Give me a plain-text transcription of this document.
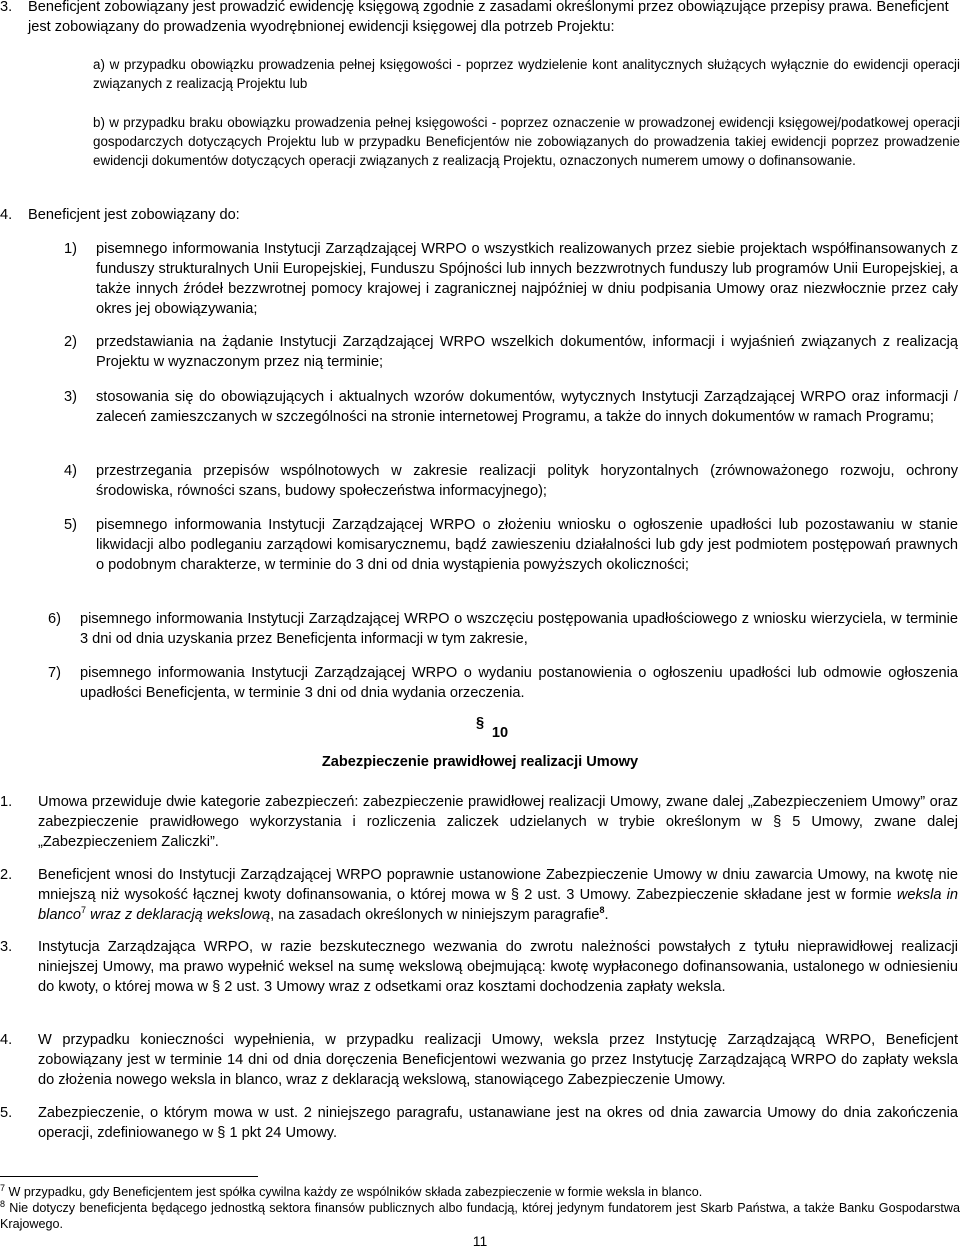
3. Beneficjent zobowiązany jest prowadzić ewidencję księgową zgodnie z zasadami określonymi przez obowiązujące przepisy prawa. Beneficjent jest zobowiązany do prowadzenia wyodrębnionej ewidencji księgowej dla potrzeb Projektu:
a) w przypadku obowiązku prowadzenia pełnej księgowości - poprzez wydzielenie kont analitycznych służących wyłącznie do ewidencji operacji związanych z realizacją Projektu lub
b) w przypadku braku obowiązku prowadzenia pełnej księgowości - poprzez oznaczenie w prowadzonej ewidencji księgowej/podatkowej operacji gospodarczych dotyczących Projektu lub w przypadku Beneficjentów nie zobowiązanych do prowadzenia takiej ewidencji poprzez prowadzenie ewidencji dokumentów dotyczących operacji związanych z realizacją Projektu, oznaczonych numerem umowy o dofinansowanie.
4. Beneficjent jest zobowiązany do:
1) pisemnego informowania Instytucji Zarządzającej WRPO o wszystkich realizowanych przez siebie projektach współfinansowanych z funduszy strukturalnych Unii Europejskiej, Funduszu Spójności lub innych bezzwrotnych funduszy lub programów Unii Europejskiej, a także innych źródeł bezzwrotnej pomocy krajowej i zagranicznej najpóźniej w dniu podpisania Umowy oraz niezwłocznie przez cały okres jej obowiązywania;
2) przedstawiania na żądanie Instytucji Zarządzającej WRPO wszelkich dokumentów, informacji i wyjaśnień związanych z realizacją Projektu w wyznaczonym przez nią terminie;
3) stosowania się do obowiązujących i aktualnych wzorów dokumentów, wytycznych Instytucji Zarządzającej WRPO oraz informacji / zaleceń zamieszczanych w szczególności na stronie internetowej Programu, a także do innych dokumentów w ramach Programu;
4) przestrzegania przepisów wspólnotowych w zakresie realizacji polityk horyzontalnych (zrównoważonego rozwoju, ochrony środowiska, równości szans, budowy społeczeństwa informacyjnego);
5) pisemnego informowania Instytucji Zarządzającej WRPO o złożeniu wniosku o ogłoszenie upadłości lub pozostawaniu w stanie likwidacji albo podleganiu zarządowi komisarycznemu, bądź zawieszeniu działalności lub gdy jest podmiotem postępowań prawnych o podobnym charakterze, w terminie do 3 dni od dnia wystąpienia powyższych okoliczności;
6) pisemnego informowania Instytucji Zarządzającej WRPO o wszczęciu postępowania upadłościowego z wniosku wierzyciela, w terminie 3 dni od dnia uzyskania przez Beneficjenta informacji w tym zakresie,
7) pisemnego informowania Instytucji Zarządzającej WRPO o wydaniu postanowienia o ogłoszeniu upadłości lub odmowie ogłoszenia upadłości Beneficjenta, w terminie 3 dni od dnia wydania orzeczenia.
§
10
Zabezpieczenie prawidłowej realizacji Umowy
1. Umowa przewiduje dwie kategorie zabezpieczeń: zabezpieczenie prawidłowej realizacji Umowy, zwane dalej „Zabezpieczeniem Umowy” oraz zabezpieczenie prawidłowego wykorzystania i rozliczenia zaliczek udzielanych w trybie określonym w § 5 Umowy, zwane dalej „Zabezpieczeniem Zaliczki”.
2. Beneficjent wnosi do Instytucji Zarządzającej WRPO poprawnie ustanowione Zabezpieczenie Umowy w dniu zawarcia Umowy, na kwotę nie mniejszą niż wysokość łącznej kwoty dofinansowania, o której mowa w § 2 ust. 3 Umowy. Zabezpieczenie składane jest w formie weksla in blanco$^7$ wraz z deklaracją wekslową, na zasadach określonych w niniejszym paragrafie$^8$.
3. Instytucja Zarządzająca WRPO, w razie bezskutecznego wezwania do zwrotu należności powstałych z tytułu nieprawidłowej realizacji niniejszej Umowy, ma prawo wypełnić weksel na sumę wekslową obejmującą: kwotę wypłaconego dofinansowania, ustalonego w odniesieniu do kwoty, o której mowa w § 2 ust. 3 Umowy wraz z odsetkami oraz kosztami dochodzenia zapłaty weksla.
4. W przypadku konieczności wypełnienia, w przypadku realizacji Umowy, weksla przez Instytucję Zarządzającą WRPO, Beneficjent zobowiązany jest w terminie 14 dni od dnia doręczenia Beneficjentowi wezwania go przez Instytucję Zarządzającą WRPO do zapłaty weksla do złożenia nowego weksla in blanco, wraz z deklaracją wekslową, stanowiącego Zabezpieczenie Umowy.
5. Zabezpieczenie, o którym mowa w ust. 2 niniejszego paragrafu, ustanawiane jest na okres od dnia zawarcia Umowy do dnia zakończenia operacji, zdefiniowanego w § 1 pkt 24 Umowy.
$^7$ W przypadku, gdy Beneficjentem jest spółka cywilna każdy ze wspólników składa zabezpieczenie w formie weksla in blanco.
$^8$ Nie dotyczy beneficjenta będącego jednostką sektora finansów publicznych albo fundacją, której jedynym fundatorem jest Skarb Państwa, a także Banku Gospodarstwa Krajowego.
11
